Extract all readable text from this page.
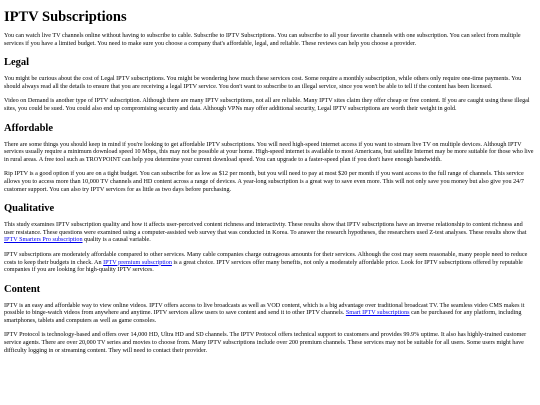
IPTV Subscriptions

You can watch live TV channels online without having to subscribe to cable. Subscribe to IPTV Subscriptions. You can subscribe to all your favorite channels with one subscription. You can select from multiple services if you have a limited budget. You need to make sure you choose a company that's affordable, legal, and reliable. These reviews can help you choose a provider.

Legal

You might be curious about the cost of Legal IPTV subscriptions. You might be wondering how much these services cost. Some require a monthly subscription, while others only require one-time payments. You should always read all the details to ensure that you are receiving a legal IPTV service. You don't want to subscribe to an illegal service, since you won't be able to tell if the content has been licensed.

Video on Demand is another type of IPTV subscription. Although there are many IPTV subscriptions, not all are reliable. Many IPTV sites claim they offer cheap or free content. If you are caught using these illegal sites, you could be sued. You could also end up compromising security and data. Although VPNs may offer additional security, Legal IPTV subscriptions are worth their weight in gold.

Affordable

There are some things you should keep in mind if you're looking to get affordable IPTV subscriptions. You will need high-speed internet access if you want to stream live TV on multiple devices. Although IPTV services usually require a minimum download speed 10 Mbps, this may not be possible at your home. High-speed internet is available to most Americans, but satellite Internet may be more suitable for those who live in rural areas. A free tool such as TROYPOINT can help you determine your current download speed. You can upgrade to a faster-speed plan if you don't have enough bandwidth.

Rip IPTV is a good option if you are on a tight budget. You can subscribe for as low as $12 per month, but you will need to pay at most $20 per month if you want access to the full range of channels. This service allows you to access more than 10,000 TV channels and HD content across a range of devices. A year-long subscription is a great way to save even more. This will not only save you money but also give you 24/7 customer support. You can also try IPTV services for as little as two days before purchasing.

Qualitative

This study examines IPTV subscription quality and how it affects user-perceived content richness and interactivity. These results show that IPTV subscriptions have an inverse relationship to content richness and user resistance. These questions were examined using a computer-assisted web survey that was conducted in Korea. To answer the research hypotheses, the researchers used Z-test analyses. These results show that IPTV Smarters Pro subscription quality is a causal variable.

IPTV subscriptions are moderately affordable compared to other services. Many cable companies charge outrageous amounts for their services. Although the cost may seem reasonable, many people need to reduce costs to keep their budgets in check. An IPTV premium subscription is a great choice. IPTV services offer many benefits, not only a moderately affordable price. Look for IPTV subscriptions offered by reputable companies if you are looking for high-quality IPTV services.

Content

IPTV is an easy and affordable way to view online videos. IPTV offers access to live broadcasts as well as VOD content, which is a big advantage over traditional broadcast TV. The seamless video CMS makes it possible to binge-watch videos from anywhere and anytime. IPTV services allow users to save content and send it to other IPTV channels. Smart IPTV subscriptions can be purchased for any platform, including smartphones, tablets and computers as well as game consoles.

IPTV Protocol is technology-based and offers over 14,000 HD, Ultra HD and SD channels. The IPTV Protocol offers technical support to customers and provides 99.9% uptime. It also has highly-trained customer service agents. There are over 20,000 TV series and movies to choose from. Many IPTV subscriptions include over 200 premium channels. These services may not be suitable for all users. Some users might have difficulty logging in or streaming content. They will need to contact their provider.
